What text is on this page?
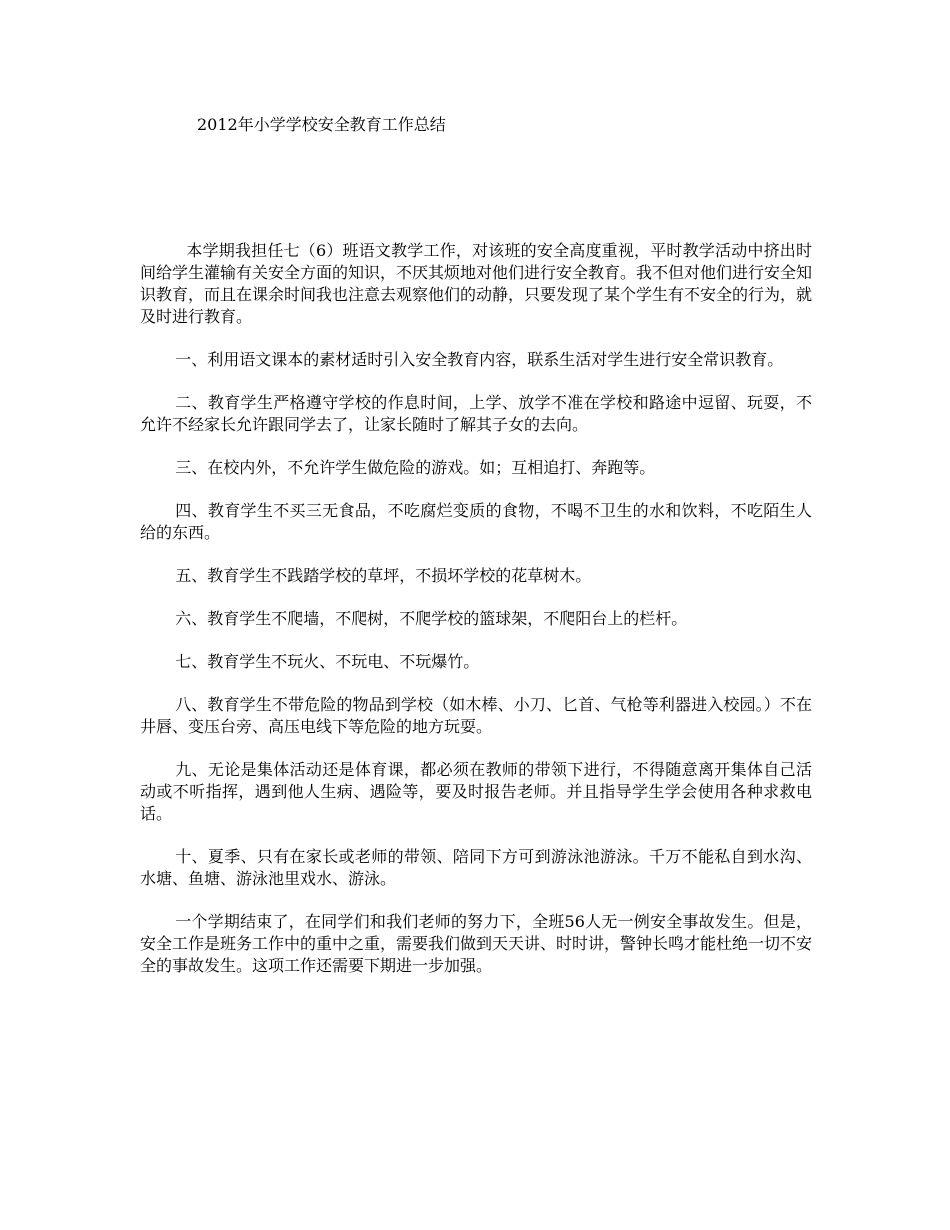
2012年小学学校安全教育工作总结

本学期我担任七（6）班语文教学工作，对该班的安全高度重视，平时教学活动中挤出时间给学生灌输有关安全方面的知识，不厌其烦地对他们进行安全教育。我不但对他们进行安全知识教育，而且在课余时间我也注意去观察他们的动静，只要发现了某个学生有不安全的行为，就及时进行教育。

一、利用语文课本的素材适时引入安全教育内容，联系生活对学生进行安全常识教育。

二、教育学生严格遵守学校的作息时间，上学、放学不准在学校和路途中逗留、玩耍，不允许不经家长允许跟同学去了，让家长随时了解其子女的去向。

三、在校内外，不允许学生做危险的游戏。如；互相追打、奔跑等。

四、教育学生不买三无食品，不吃腐烂变质的食物，不喝不卫生的水和饮料，不吃陌生人给的东西。

五、教育学生不践踏学校的草坪，不损坏学校的花草树木。

六、教育学生不爬墙，不爬树，不爬学校的篮球架，不爬阳台上的栏杆。

七、教育学生不玩火、不玩电、不玩爆竹。

八、教育学生不带危险的物品到学校（如木棒、小刀、匕首、气枪等利器进入校园。）不在井唇、变压台旁、高压电线下等危险的地方玩耍。

九、无论是集体活动还是体育课，都必须在教师的带领下进行，不得随意离开集体自己活动或不听指挥，遇到他人生病、遇险等，要及时报告老师。并且指导学生学会使用各种求救电话。

十、夏季、只有在家长或老师的带领、陪同下方可到游泳池游泳。千万不能私自到水沟、水塘、鱼塘、游泳池里戏水、游泳。

一个学期结束了，在同学们和我们老师的努力下，全班56人无一例安全事故发生。但是，安全工作是班务工作中的重中之重，需要我们做到天天讲、时时讲，警钟长鸣才能杜绝一切不安全的事故发生。这项工作还需要下期进一步加强。
